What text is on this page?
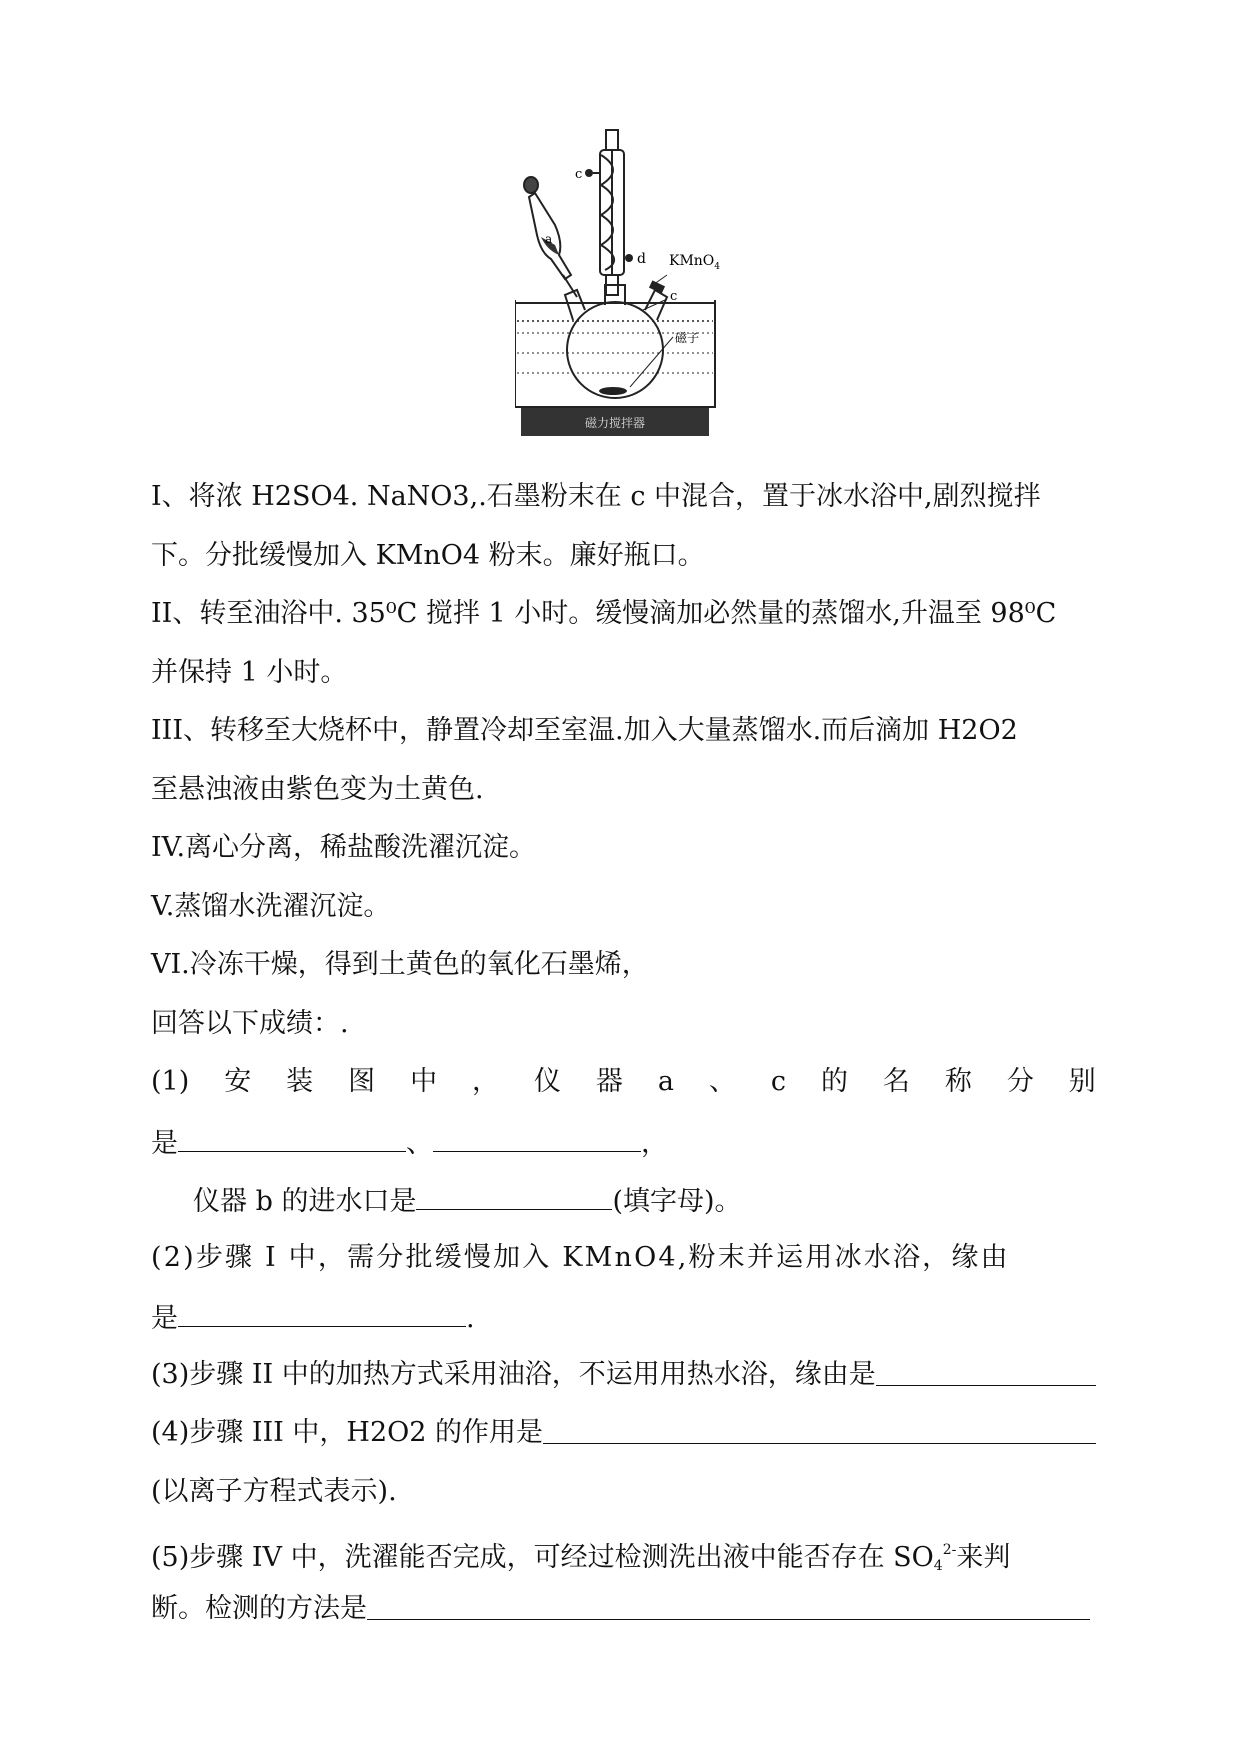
c
d
a
KMnO$_4$
c
磁子
磁力搅拌器
I、将浓 H2SO4. NaNO3,.石墨粉末在 c 中混合，置于冰水浴中,剧烈搅拌
下。分批缓慢加入 KMnO4 粉末。廉好瓶口。
II、转至油浴中. 35⁰C 搅拌 1 小时。缓慢滴加必然量的蒸馏水,升温至 98⁰C
并保持 1 小时。
III、转移至大烧杯中，静置冷却至室温.加入大量蒸馏水.而后滴加 H2O2
至悬浊液由紫色变为土黄色.
IV.离心分离，稀盐酸洗濯沉淀。
V.蒸馏水洗濯沉淀。
VI.冷冻干燥，得到土黄色的氧化石墨烯，
回答以下成绩：.
(1) 安 装 图 中 ， 仪 器 a 、 c 的 名 称 分 别
是	、	，
仪器 b 的进水口是	(填字母)。
(2)步骤 I 中，需分批缓慢加入 KMnO4,粉末并运用冰水浴，缘由
是	.
(3)步骤 II 中的加热方式采用油浴，不运用用热水浴，缘由是
(4)步骤 III 中，H2O2 的作用是
(以离子方程式表示).
(5)步骤 IV 中，洗濯能否完成，可经过检测洗出液中能否存在 $SO_4^{2-}$来判
断。检测的方法是
